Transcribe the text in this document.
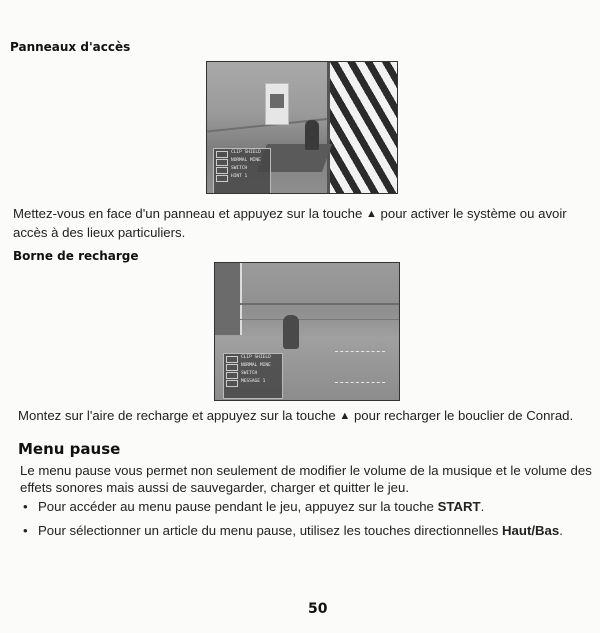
Panneaux d'accès
CLIP SHIELD
NORMAL MINE
SWITCH
HINT 1
Mettez-vous en face d'un panneau et appuyez sur la touche ▲ pour activer le système ou avoir accès à des lieux particuliers.
Borne de recharge
CLIP SHIELD
NORMAL MINE
SWITCH
MESSAGE 1
Montez sur l'aire de recharge et appuyez sur la touche ▲ pour recharger le bouclier de Conrad.
Menu pause
Le menu pause vous permet non seulement de modifier le volume de la musique et le volume des
effets sonores mais aussi de sauvegarder, charger et quitter le jeu.
• Pour accéder au menu pause pendant le jeu, appuyez sur la touche START.
• Pour sélectionner un article du menu pause, utilisez les touches directionnelles Haut/Bas.
50
